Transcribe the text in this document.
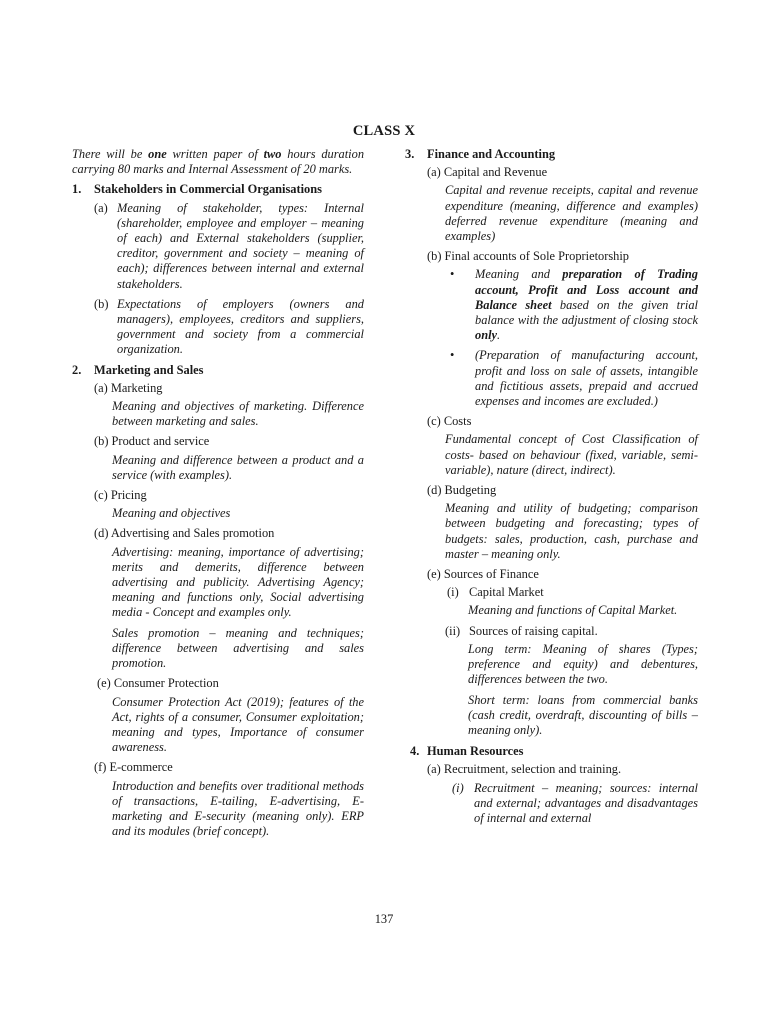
CLASS X

There will be one written paper of two hours duration carrying 80 marks and Internal Assessment of 20 marks.

1.	Stakeholders in Commercial Organisations
(a) Meaning of stakeholder, types: Internal (shareholder, employee and employer – meaning of each) and External stakeholders (supplier, creditor, government and society – meaning of each); differences between internal and external stakeholders.
(b) Expectations of employers (owners and managers), employees, creditors and suppliers, government and society from a commercial organization.
2.	Marketing and Sales
(a) Marketing

Meaning and objectives of marketing. Difference between marketing and sales.

(b) Product and service

Meaning and difference between a product and a service (with examples).

(c) Pricing

Meaning and objectives

(d) Advertising and Sales promotion

Advertising: meaning, importance of advertising; merits and demerits, difference between advertising and publicity. Advertising Agency; meaning and functions only, Social advertising media - Concept and examples only.

Sales promotion – meaning and techniques; difference between advertising and sales promotion.

(e) Consumer Protection

Consumer Protection Act (2019); features of the Act, rights of a consumer, Consumer exploitation; meaning and types, Importance of consumer awareness.

(f) E-commerce

Introduction and benefits over traditional methods of transactions, E-tailing, E-advertising, E-marketing and E-security (meaning only). ERP and its modules (brief concept).

3.	Finance and Accounting
(a) Capital and Revenue

Capital and revenue receipts, capital and revenue expenditure (meaning, difference and examples) deferred revenue expenditure (meaning and examples)

(b) Final accounts of Sole Proprietorship
•	Meaning and preparation of Trading account, Profit and Loss account and Balance sheet based on the given trial balance with the adjustment of closing stock only.
•	(Preparation of manufacturing account, profit and loss on sale of assets, intangible and fictitious assets, prepaid and accrued expenses and incomes are excluded.)
(c) Costs

Fundamental concept of Cost Classification of costs- based on behaviour (fixed, variable, semi-variable), nature (direct, indirect).

(d) Budgeting

Meaning and utility of budgeting; comparison between budgeting and forecasting; types of budgets: sales, production, cash, purchase and master – meaning only.

(e) Sources of Finance
(i) Capital Market

Meaning and functions of Capital Market.

(ii) Sources of raising capital.

Long term: Meaning of shares (Types; preference and equity) and debentures, differences between the two.

Short term: loans from commercial banks (cash credit, overdraft, discounting of bills – meaning only).

4. Human Resources
(a) Recruitment, selection and training.
(i) Recruitment – meaning; sources: internal and external; advantages and disadvantages of internal and external
137
